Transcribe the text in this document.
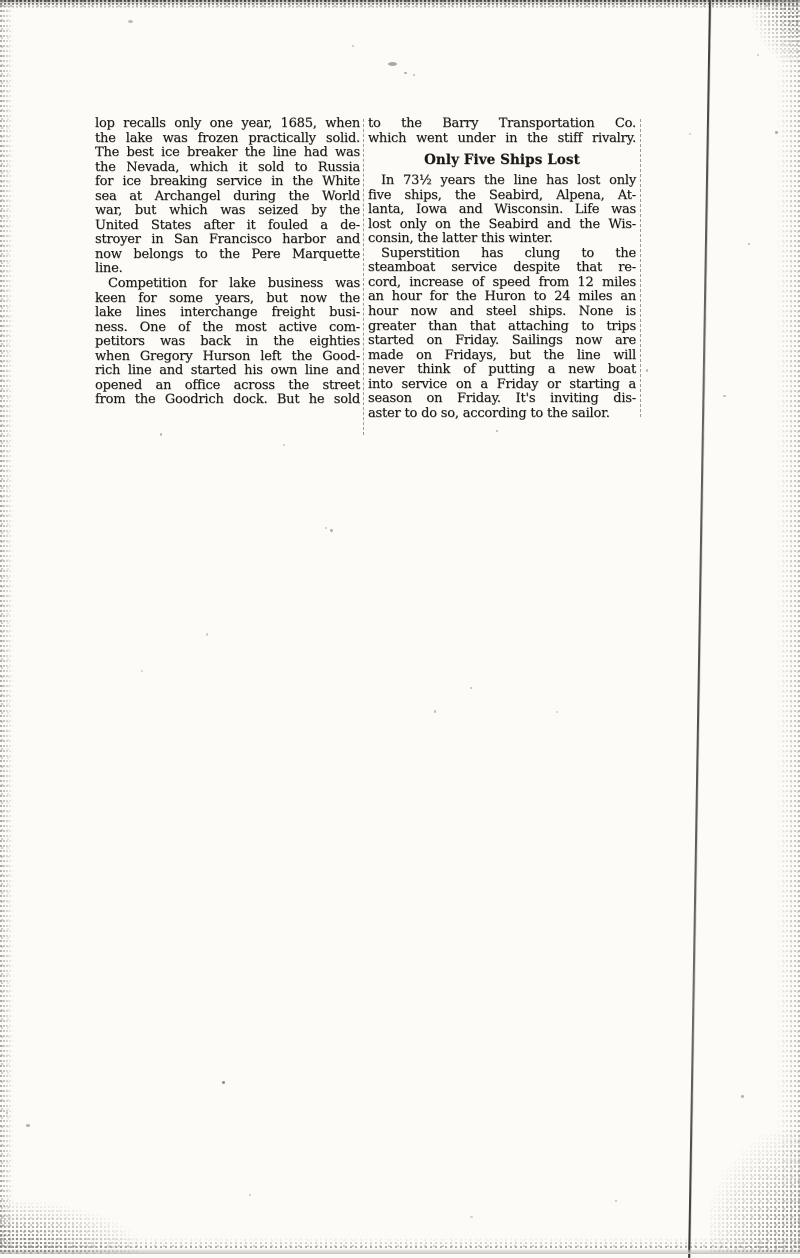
lop recalls only one year, 1685, when
the lake was frozen practically solid.
The best ice breaker the line had was
the Nevada, which it sold to Russia
for ice breaking service in the White
sea at Archangel during the World
war, but which was seized by the
United States after it fouled a de-
stroyer in San Francisco harbor and
now belongs to the Pere Marquette
line.
Competition for lake business was
keen for some years, but now the
lake lines interchange freight busi-
ness. One of the most active com-
petitors was back in the eighties
when Gregory Hurson left the Good-
rich line and started his own line and
opened an office across the street
from the Goodrich dock. But he sold
to the Barry Transportation Co.
which went under in the stiff rivalry.
Only Five Ships Lost
In 73½ years the line has lost only
five ships, the Seabird, Alpena, At-
lanta, Iowa and Wisconsin. Life was
lost only on the Seabird and the Wis-
consin, the latter this winter.
Superstition has clung to the
steamboat service despite that re-
cord, increase of speed from 12 miles
an hour for the Huron to 24 miles an
hour now and steel ships. None is
greater than that attaching to trips
started on Friday. Sailings now are
made on Fridays, but the line will
never think of putting a new boat
into service on a Friday or starting a
season on Friday. It's inviting dis-
aster to do so, according to the sailor.
